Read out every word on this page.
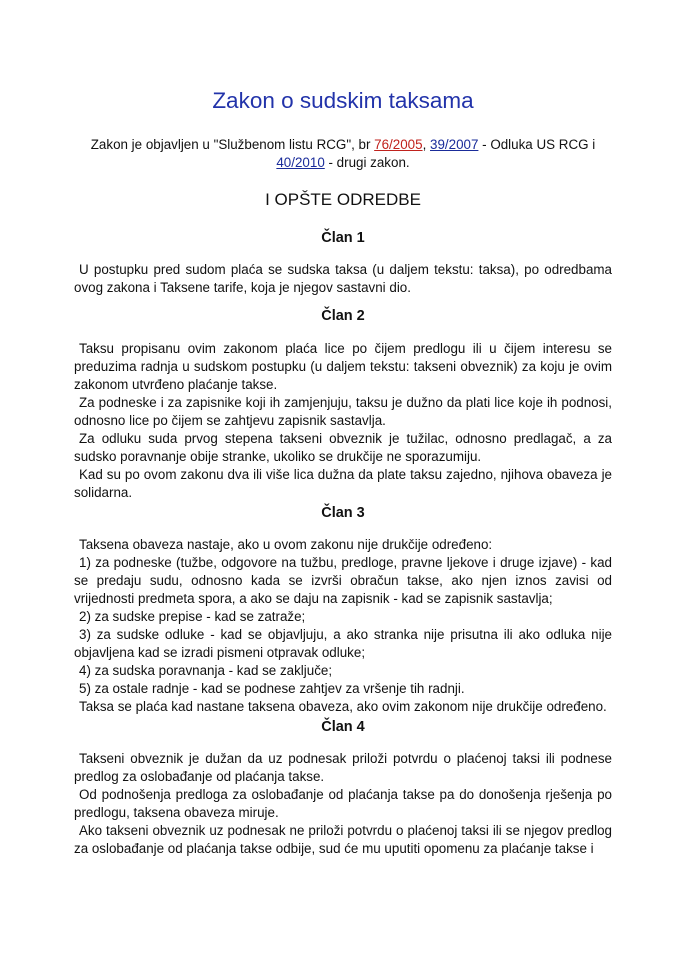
Zakon o sudskim taksama
Zakon je objavljen u "Službenom listu RCG", br 76/2005, 39/2007 - Odluka US RCG i 40/2010 - drugi zakon.
I OPŠTE ODREDBE
Član 1

U postupku pred sudom plaća se sudska taksa (u daljem tekstu: taksa), po odredbama ovog zakona i Taksene tarife, koja je njegov sastavni dio.

Član 2

Taksu propisanu ovim zakonom plaća lice po čijem predlogu ili u čijem interesu se preduzima radnja u sudskom postupku (u daljem tekstu: takseni obveznik) za koju je ovim zakonom utvrđeno plaćanje takse.

Za podneske i za zapisnike koji ih zamjenjuju, taksu je dužno da plati lice koje ih podnosi, odnosno lice po čijem se zahtjevu zapisnik sastavlja.

Za odluku suda prvog stepena takseni obveznik je tužilac, odnosno predlagač, a za sudsko poravnanje obije stranke, ukoliko se drukčije ne sporazumiju.

Kad su po ovom zakonu dva ili više lica dužna da plate taksu zajedno, njihova obaveza je solidarna.

Član 3

Taksena obaveza nastaje, ako u ovom zakonu nije drukčije određeno:

1) za podneske (tužbe, odgovore na tužbu, predloge, pravne ljekove i druge izjave) - kad se predaju sudu, odnosno kada se izvrši obračun takse, ako njen iznos zavisi od vrijednosti predmeta spora, a ako se daju na zapisnik - kad se zapisnik sastavlja;

2) za sudske prepise - kad se zatraže;

3) za sudske odluke - kad se objavljuju, a ako stranka nije prisutna ili ako odluka nije objavljena kad se izradi pismeni otpravak odluke;

4) za sudska poravnanja - kad se zaključe;

5) za ostale radnje - kad se podnese zahtjev za vršenje tih radnji.

Taksa se plaća kad nastane taksena obaveza, ako ovim zakonom nije drukčije određeno.

Član 4

Takseni obveznik je dužan da uz podnesak priloži potvrdu o plaćenoj taksi ili podnese predlog za oslobađanje od plaćanja takse.

Od podnošenja predloga za oslobađanje od plaćanja takse pa do donošenja rješenja po predlogu, taksena obaveza miruje.

Ako takseni obveznik uz podnesak ne priloži potvrdu o plaćenoj taksi ili se njegov predlog za oslobađanje od plaćanja takse odbije, sud će mu uputiti opomenu za plaćanje takse i
